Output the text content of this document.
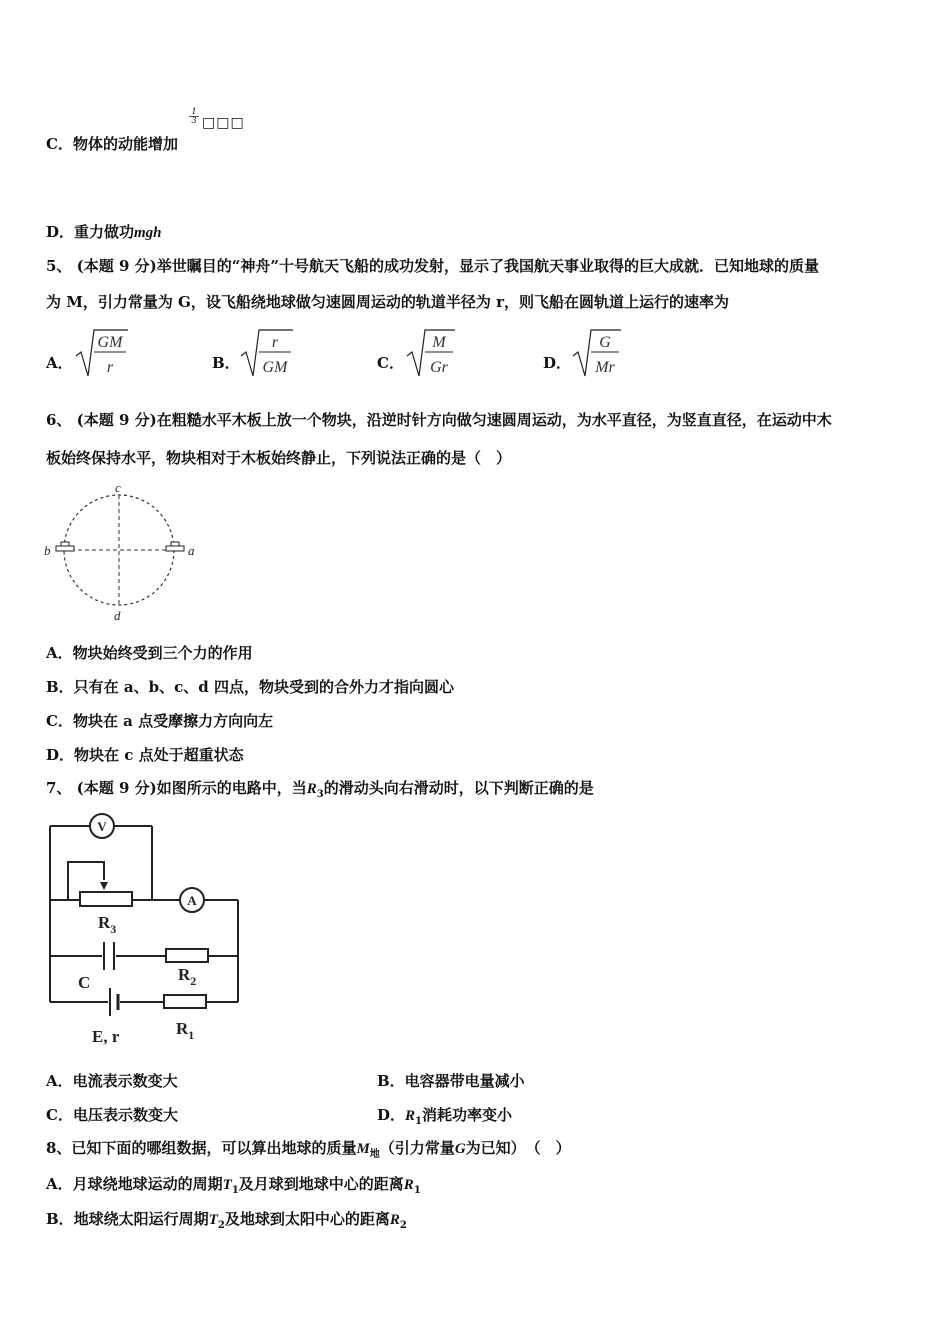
C．物体的动能增加
$\frac{1}{3}$ □□□
D．重力做功mgh
5、 (本题 9 分)举世瞩目的“神舟”十号航天飞船的成功发射，显示了我国航天事业取得的巨大成就．已知地球的质量
为 M，引力常量为 G，设飞船绕地球做匀速圆周运动的轨道半径为 r，则飞船在圆轨道上运行的速率为
A．	B．	C．	D．
GM
r
r
GM
M
Gr
G
Mr
6、 (本题 9 分)在粗糙水平木板上放一个物块，沿逆时针方向做匀速圆周运动，为水平直径，为竖直直径，在运动中木
板始终保持水平，物块相对于木板始终静止，下列说法正确的是（　）
c
d
b	a
A．物块始终受到三个力的作用
B．只有在 a、b、c、d 四点，物块受到的合外力才指向圆心
C．物块在 a 点受摩擦力方向向左
D．物块在 c 点处于超重状态
7、 (本题 9 分)如图所示的电路中，当$R_3$的滑动头向右滑动时，以下判断正确的是
V
A
$R_3$
C	$R_2$
E, r	$R_1$
A．电流表示数变大	B．电容器带电量减小
C．电压表示数变大	D．$R_1$消耗功率变小
8、已知下面的哪组数据，可以算出地球的质量$M_地$（引力常量G为已知）　（　）
A．月球绕地球运动的周期$T_1$及月球到地球中心的距离$R_1$
B．地球绕太阳运行周期$T_2$及地球到太阳中心的距离$R_2$
